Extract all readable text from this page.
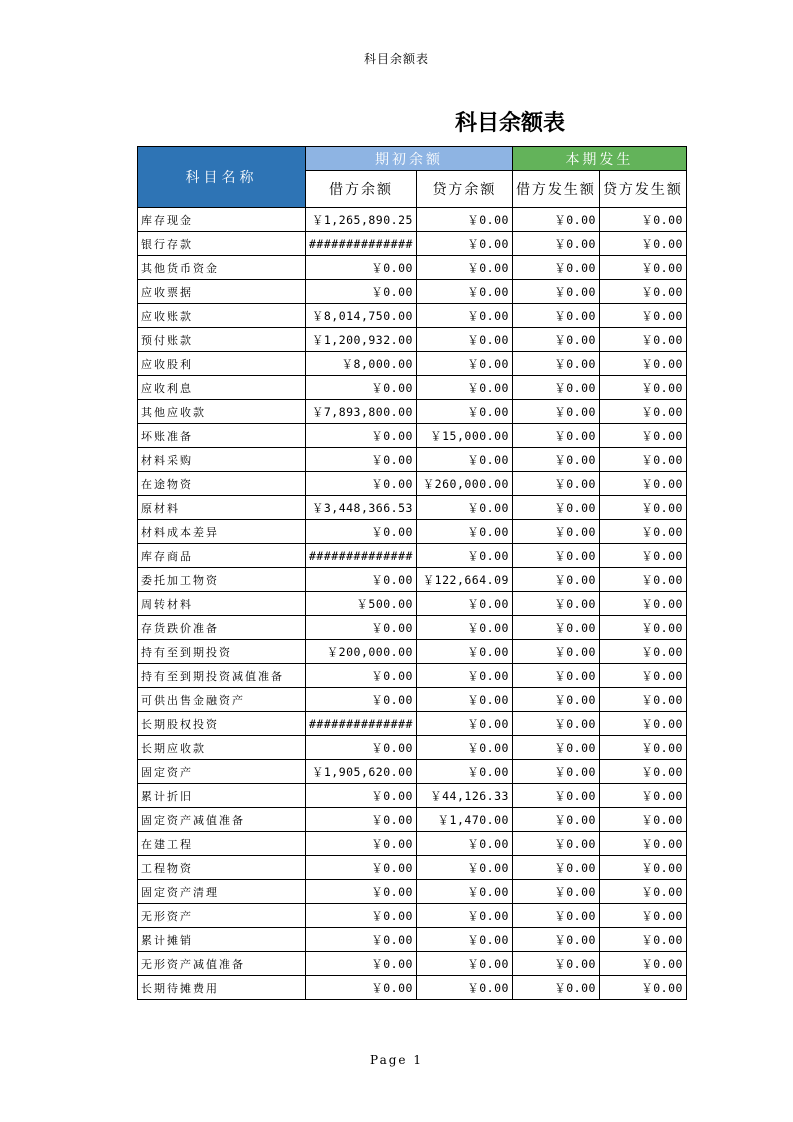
科目余额表
科目余额表
科目名称	期初余额		本期发生	
	借方余额	贷方余额	借方发生额	贷方发生额
库存现金	￥1,265,890.25	￥0.00	￥0.00	￥0.00
银行存款	##############	￥0.00	￥0.00	￥0.00
其他货币资金	￥0.00	￥0.00	￥0.00	￥0.00
应收票据	￥0.00	￥0.00	￥0.00	￥0.00
应收账款	￥8,014,750.00	￥0.00	￥0.00	￥0.00
预付账款	￥1,200,932.00	￥0.00	￥0.00	￥0.00
应收股利	￥8,000.00	￥0.00	￥0.00	￥0.00
应收利息	￥0.00	￥0.00	￥0.00	￥0.00
其他应收款	￥7,893,800.00	￥0.00	￥0.00	￥0.00
坏账准备	￥0.00	￥15,000.00	￥0.00	￥0.00
材料采购	￥0.00	￥0.00	￥0.00	￥0.00
在途物资	￥0.00	￥260,000.00	￥0.00	￥0.00
原材料	￥3,448,366.53	￥0.00	￥0.00	￥0.00
材料成本差异	￥0.00	￥0.00	￥0.00	￥0.00
库存商品	##############	￥0.00	￥0.00	￥0.00
委托加工物资	￥0.00	￥122,664.09	￥0.00	￥0.00
周转材料	￥500.00	￥0.00	￥0.00	￥0.00
存货跌价准备	￥0.00	￥0.00	￥0.00	￥0.00
持有至到期投资	￥200,000.00	￥0.00	￥0.00	￥0.00
持有至到期投资减值准备	￥0.00	￥0.00	￥0.00	￥0.00
可供出售金融资产	￥0.00	￥0.00	￥0.00	￥0.00
长期股权投资	##############	￥0.00	￥0.00	￥0.00
长期应收款	￥0.00	￥0.00	￥0.00	￥0.00
固定资产	￥1,905,620.00	￥0.00	￥0.00	￥0.00
累计折旧	￥0.00	￥44,126.33	￥0.00	￥0.00
固定资产减值准备	￥0.00	￥1,470.00	￥0.00	￥0.00
在建工程	￥0.00	￥0.00	￥0.00	￥0.00
工程物资	￥0.00	￥0.00	￥0.00	￥0.00
固定资产清理	￥0.00	￥0.00	￥0.00	￥0.00
无形资产	￥0.00	￥0.00	￥0.00	￥0.00
累计摊销	￥0.00	￥0.00	￥0.00	￥0.00
无形资产减值准备	￥0.00	￥0.00	￥0.00	￥0.00
长期待摊费用	￥0.00	￥0.00	￥0.00	￥0.00
Page 1
